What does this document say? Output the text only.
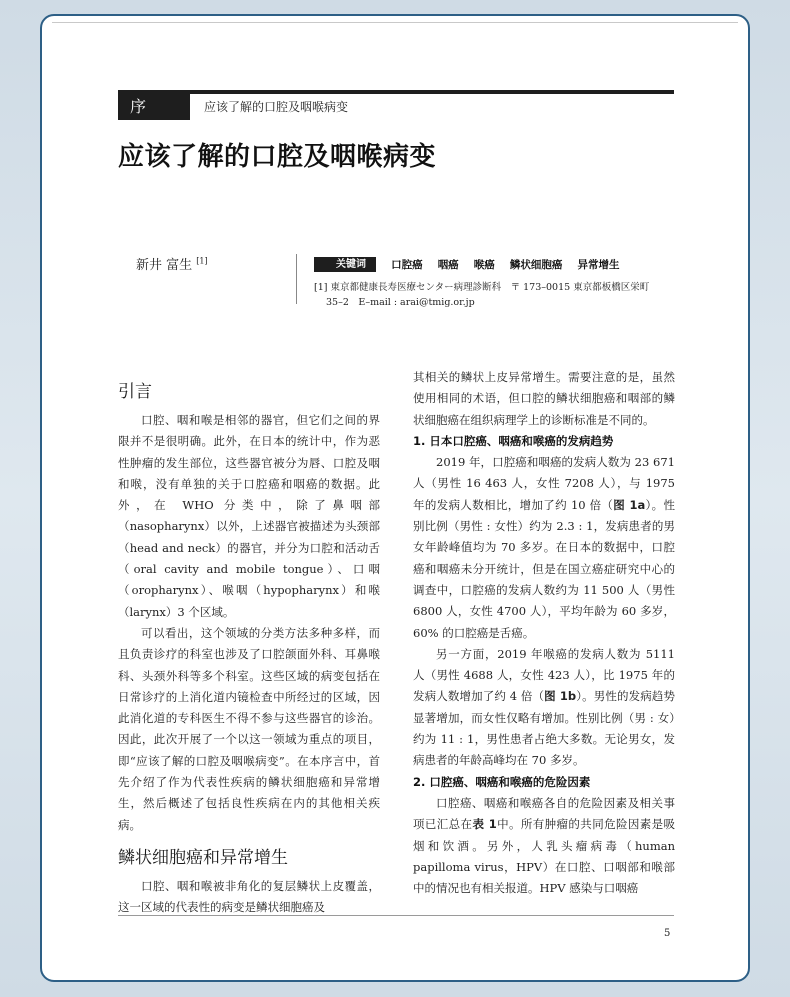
序	应该了解的口腔及咽喉病变
应该了解的口腔及咽喉病变
新井 富生 [1]	关键词 口腔癌 咽癌 喉癌 鳞状细胞癌 异常增生
[1] 東京都健康長寿医療センター病理診断科　〒 173–0015 東京都板橋区栄町
35–2　E–mail : arai@tmig.or.jp
引言

口腔、咽和喉是相邻的器官，但它们之间的界限并不是很明确。此外，在日本的统计中，作为恶性肿瘤的发生部位，这些器官被分为唇、口腔及咽和喉，没有单独的关于口腔癌和咽癌的数据。此外，在 WHO 分类中，除了鼻咽部（nasopharynx）以外，上述器官被描述为头颈部（head and neck）的器官，并分为口腔和活动舌（oral cavity and mobile tongue）、口咽（oropharynx）、喉咽（hypopharynx）和喉（larynx）3 个区域。

可以看出，这个领域的分类方法多种多样，而且负责诊疗的科室也涉及了口腔颌面外科、耳鼻喉科、头颈外科等多个科室。这些区域的病变包括在日常诊疗的上消化道内镜检查中所经过的区域，因此消化道的专科医生不得不参与这些器官的诊治。因此，此次开展了一个以这一领域为重点的项目，即“应该了解的口腔及咽喉病变”。在本序言中，首先介绍了作为代表性疾病的鳞状细胞癌和异常增生，然后概述了包括良性疾病在内的其他相关疾病。

鳞状细胞癌和异常增生

口腔、咽和喉被非角化的复层鳞状上皮覆盖，这一区域的代表性的病变是鳞状细胞癌及

其相关的鳞状上皮异常增生。需要注意的是，虽然使用相同的术语，但口腔的鳞状细胞癌和咽部的鳞状细胞癌在组织病理学上的诊断标准是不同的。

1. 日本口腔癌、咽癌和喉癌的发病趋势

2019 年，口腔癌和咽癌的发病人数为 23 671 人（男性 16 463 人，女性 7208 人），与 1975 年的发病人数相比，增加了约 10 倍（图 1a）。性别比例（男性 : 女性）约为 2.3 : 1，发病患者的男女年龄峰值均为 70 多岁。在日本的数据中，口腔癌和咽癌未分开统计，但是在国立癌症研究中心的调查中，口腔癌的发病人数约为 11 500 人（男性 6800 人，女性 4700 人），平均年龄为 60 多岁，60% 的口腔癌是舌癌。

另一方面，2019 年喉癌的发病人数为 5111 人（男性 4688 人，女性 423 人），比 1975 年的发病人数增加了约 4 倍（图 1b）。男性的发病趋势显著增加，而女性仅略有增加。性别比例（男 : 女）约为 11 : 1，男性患者占绝大多数。无论男女，发病患者的年龄高峰均在 70 多岁。

2. 口腔癌、咽癌和喉癌的危险因素

口腔癌、咽癌和喉癌各自的危险因素及相关事项已汇总在表 1中。所有肿瘤的共同危险因素是吸烟和饮酒。另外，人乳头瘤病毒（human papilloma virus，HPV）在口腔、口咽部和喉部中的情况也有相关报道。HPV 感染与口咽癌

5
